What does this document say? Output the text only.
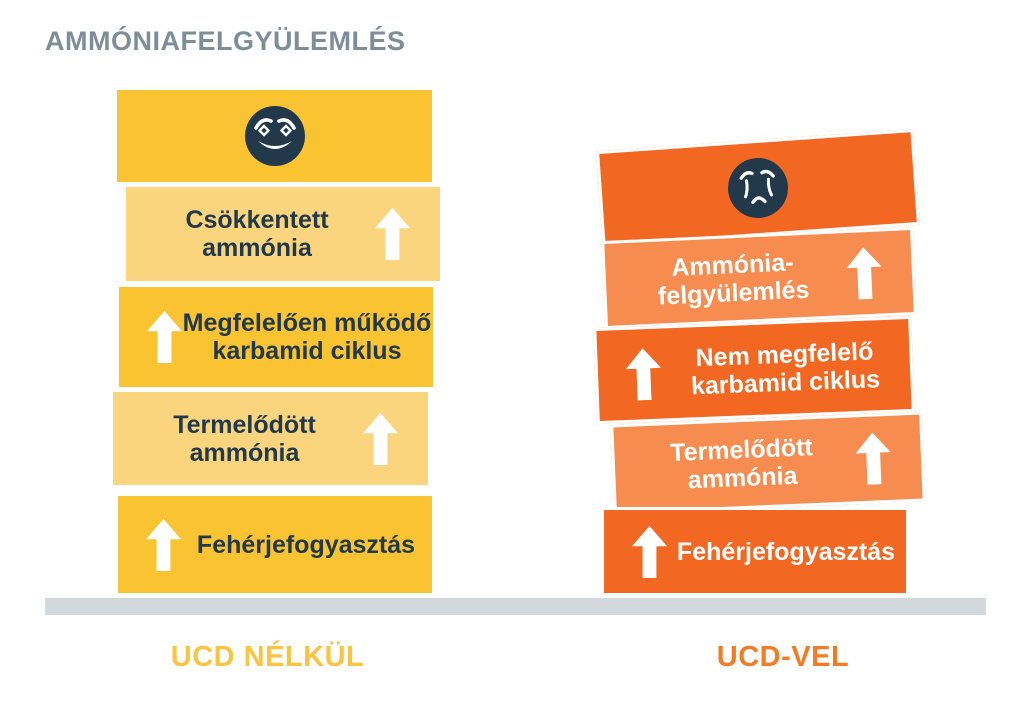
AMMÓNIAFELGYÜLEMLÉS
Csökkentett
ammónia
Megfelelően működő
karbamid ciklus
Termelődött
ammónia
Fehérjefogyasztás
Ammónia-
felgyülemlés
Nem megfelelő
karbamid ciklus
Termelődött
ammónia
Fehérjefogyasztás
UCD NÉLKÜL	UCD-VEL
